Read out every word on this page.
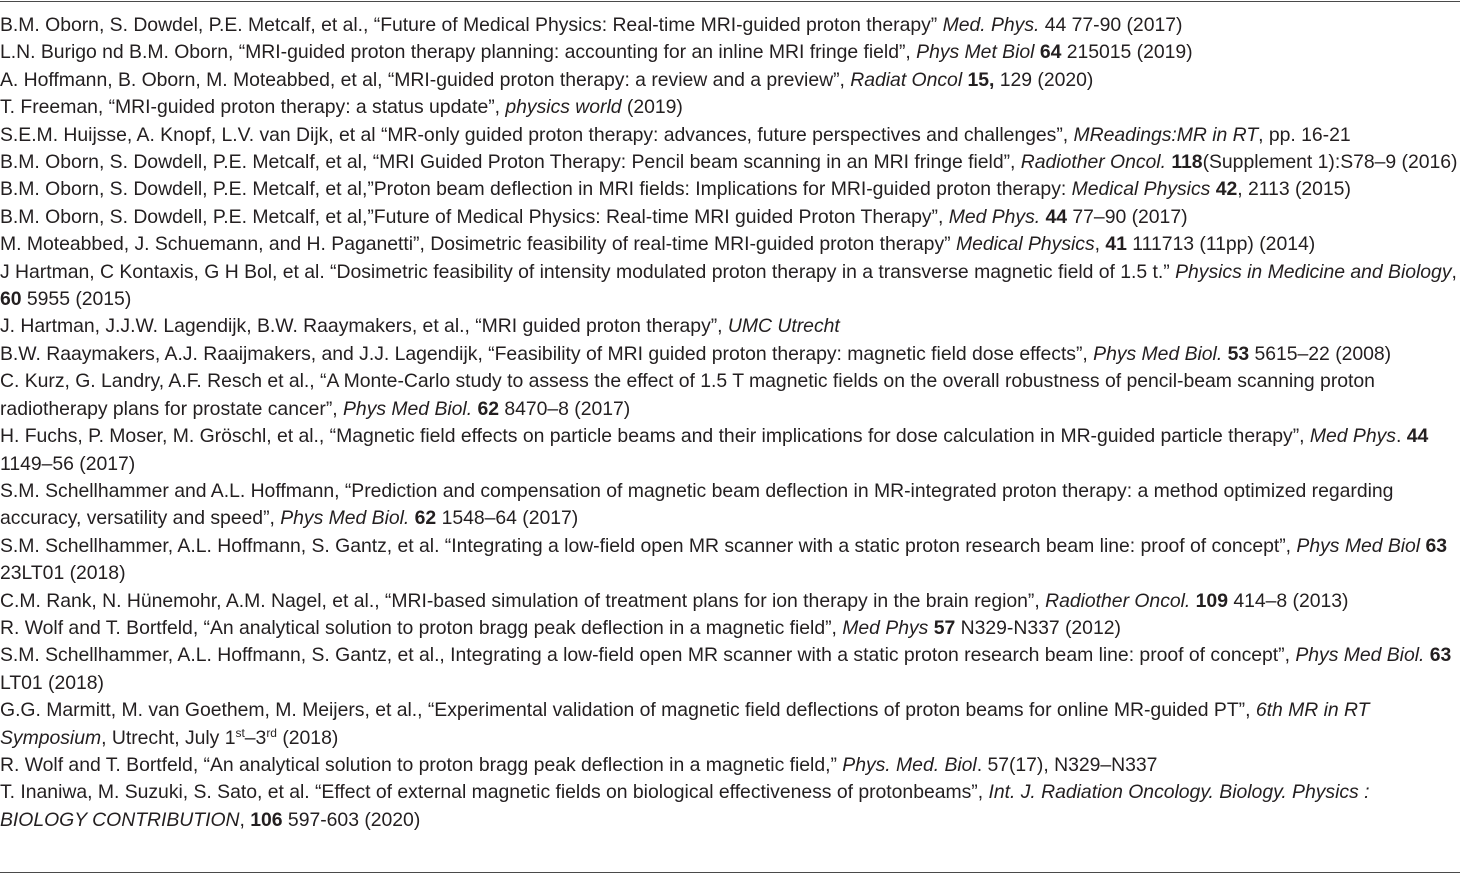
B.M. Oborn, S. Dowdel, P.E. Metcalf, et al., “Future of Medical Physics: Real-time MRI-guided proton therapy” Med. Phys. 44 77-90 (2017)
L.N. Burigo nd B.M. Oborn, “MRI-guided proton therapy planning: accounting for an inline MRI fringe field”, Phys Met Biol 64 215015 (2019)
A. Hoffmann, B. Oborn, M. Moteabbed, et al, “MRI-guided proton therapy: a review and a preview”, Radiat Oncol 15, 129 (2020)
T. Freeman, “MRI-guided proton therapy: a status update”, physics world (2019)
S.E.M. Huijsse, A. Knopf, L.V. van Dijk, et al “MR-only guided proton therapy: advances, future perspectives and challenges”, MReadings:MR in RT, pp. 16-21
B.M. Oborn, S. Dowdell, P.E. Metcalf, et al, “MRI Guided Proton Therapy: Pencil beam scanning in an MRI fringe field”, Radiother Oncol. 118(Supplement 1):S78–9 (2016)
B.M. Oborn, S. Dowdell, P.E. Metcalf, et al,”Proton beam deflection in MRI fields: Implications for MRI-guided proton therapy: Medical Physics 42, 2113 (2015)
B.M. Oborn, S. Dowdell, P.E. Metcalf, et al,”Future of Medical Physics: Real-time MRI guided Proton Therapy”, Med Phys. 44 77–90 (2017)
M. Moteabbed, J. Schuemann, and H. Paganetti”, Dosimetric feasibility of real-time MRI-guided proton therapy” Medical Physics, 41 111713 (11pp) (2014)
J Hartman, C Kontaxis, G H Bol, et al. “Dosimetric feasibility of intensity modulated proton therapy in a transverse magnetic field of 1.5 t.” Physics in Medicine and Biology, 60 5955 (2015)
J. Hartman, J.J.W. Lagendijk, B.W. Raaymakers, et al., “MRI guided proton therapy”, UMC Utrecht
B.W. Raaymakers, A.J. Raaijmakers, and J.J. Lagendijk, “Feasibility of MRI guided proton therapy: magnetic field dose effects”, Phys Med Biol. 53 5615–22 (2008)
C. Kurz, G. Landry, A.F. Resch et al., “A Monte-Carlo study to assess the effect of 1.5 T magnetic fields on the overall robustness of pencil-beam scanning proton radiotherapy plans for prostate cancer”, Phys Med Biol. 62 8470–8 (2017)
H. Fuchs, P. Moser, M. Gröschl, et al., “Magnetic field effects on particle beams and their implications for dose calculation in MR-guided particle therapy”, Med Phys. 44 1149–56 (2017)
S.M. Schellhammer and A.L. Hoffmann, “Prediction and compensation of magnetic beam deflection in MR-integrated proton therapy: a method optimized regarding accuracy, versatility and speed”, Phys Med Biol. 62 1548–64 (2017)
S.M. Schellhammer, A.L. Hoffmann, S. Gantz, et al. “Integrating a low-field open MR scanner with a static proton research beam line: proof of concept”, Phys Med Biol 63 23LT01 (2018)
C.M. Rank, N. Hünemohr, A.M. Nagel, et al., “MRI-based simulation of treatment plans for ion therapy in the brain region”, Radiother Oncol. 109 414–8 (2013)
R. Wolf and T. Bortfeld, “An analytical solution to proton bragg peak deflection in a magnetic field”, Med Phys 57 N329-N337 (2012)
S.M. Schellhammer, A.L. Hoffmann, S. Gantz, et al., Integrating a low-field open MR scanner with a static proton research beam line: proof of concept”, Phys Med Biol. 63 LT01 (2018)
G.G. Marmitt, M. van Goethem, M. Meijers, et al., “Experimental validation of magnetic field deflections of proton beams for online MR-guided PT”, 6th MR in RT Symposium, Utrecht, July 1st–3rd (2018)
R. Wolf and T. Bortfeld, “An analytical solution to proton bragg peak deflection in a magnetic field,” Phys. Med. Biol. 57(17), N329–N337
T. Inaniwa, M. Suzuki, S. Sato, et al. “Effect of external magnetic fields on biological effectiveness of protonbeams”, Int. J. Radiation Oncology. Biology. Physics : BIOLOGY CONTRIBUTION, 106 597-603 (2020)
